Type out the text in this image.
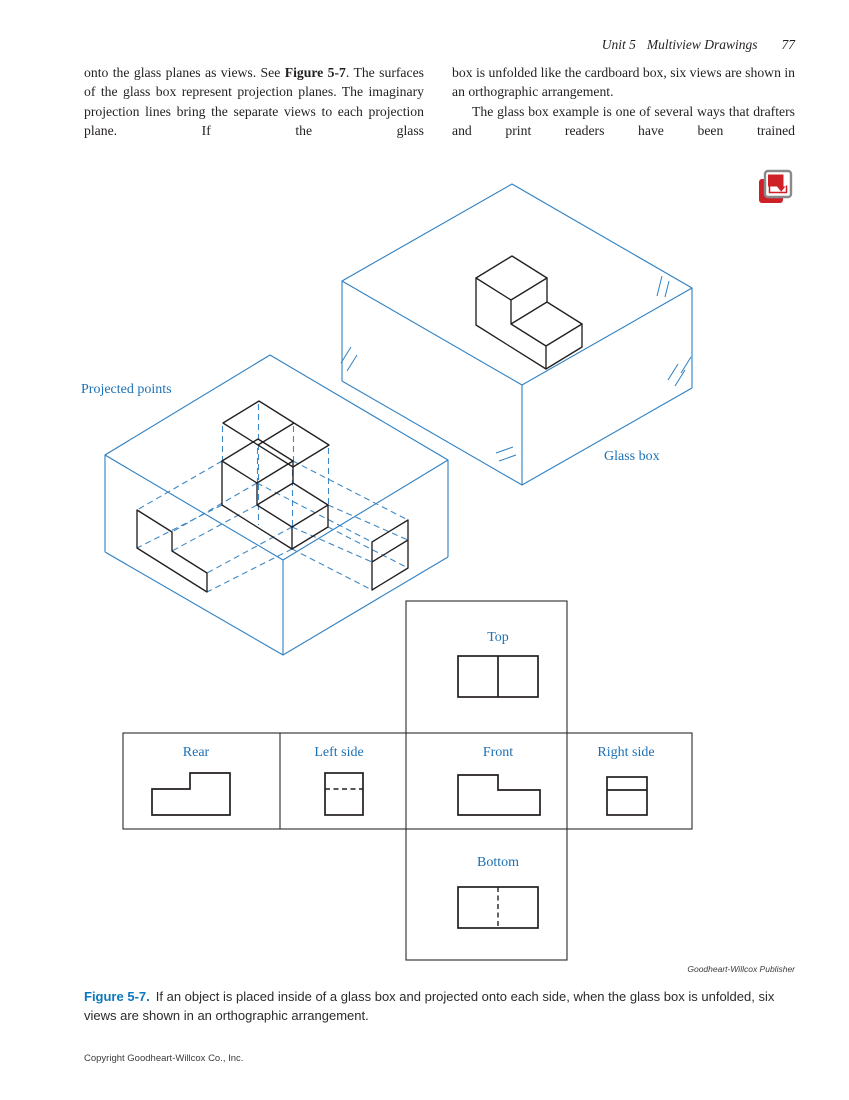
Unit 5 Multiview Drawings 77
onto the glass planes as views. See Figure 5-7. The surfaces of the glass box represent projection planes. The imaginary projection lines bring the separate views to each projection plane. If the glass

box is unfolded like the cardboard box, six views are shown in an orthographic arrangement.

The glass box example is one of several ways that drafters and print readers have been trained

Projected points
Glass box
Top
Rear	Left side	Front	Right side
Bottom
Goodheart-Willcox Publisher
Figure 5-7. If an object is placed inside of a glass box and projected onto each side, when the glass box is unfolded, six views are shown in an orthographic arrangement.
Copyright Goodheart-Willcox Co., Inc.
